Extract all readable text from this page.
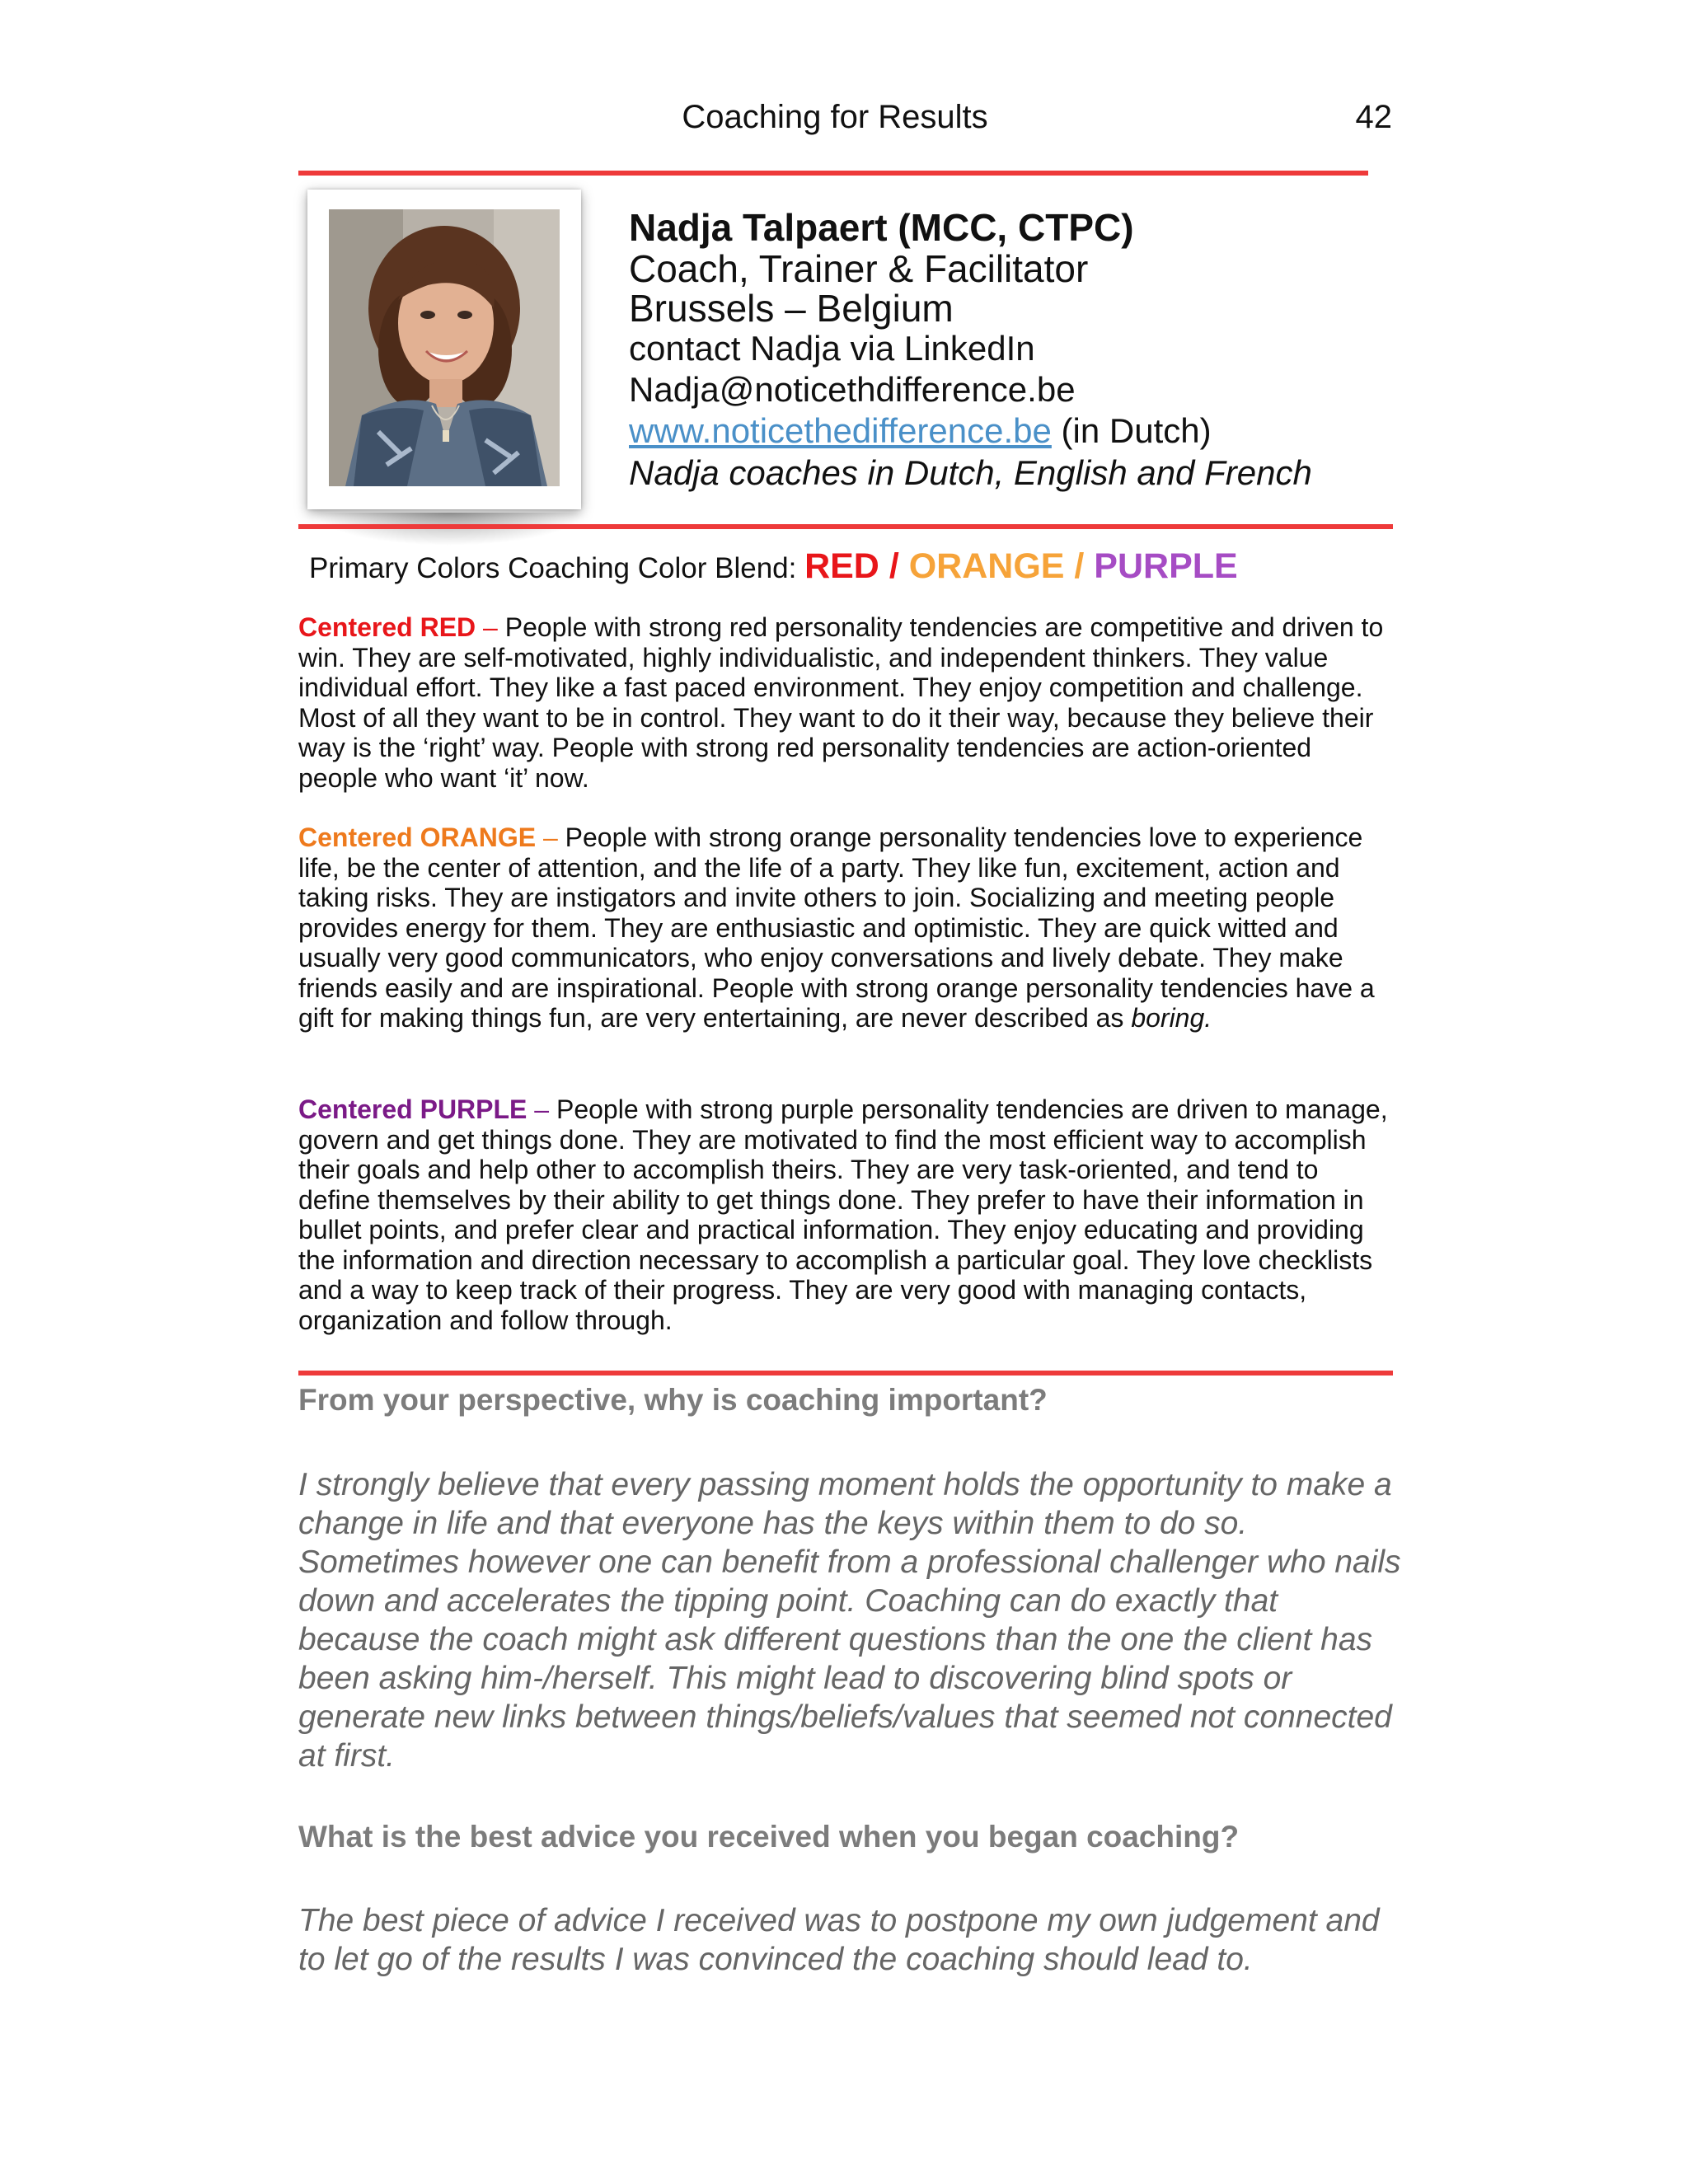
Coaching for Results	42
Nadja Talpaert (MCC, CTPC)
Coach, Trainer & Facilitator
Brussels – Belgium
contact Nadja via LinkedIn
Nadja@noticethdifference.be
www.noticethedifference.be (in Dutch)
Nadja coaches in Dutch, English and French
Primary Colors Coaching Color Blend: RED / ORANGE / PURPLE
Centered RED – People with strong red personality tendencies are competitive and driven to win. They are self-motivated, highly individualistic, and independent thinkers. They value individual effort. They like a fast paced environment. They enjoy competition and challenge. Most of all they want to be in control. They want to do it their way, because they believe their way is the ‘right’ way. People with strong red personality tendencies are action-oriented people who want ‘it’ now.
Centered ORANGE – People with strong orange personality tendencies love to experience life, be the center of attention, and the life of a party. They like fun, excitement, action and taking risks. They are instigators and invite others to join. Socializing and meeting people provides energy for them. They are enthusiastic and optimistic. They are quick witted and usually very good communicators, who enjoy conversations and lively debate. They make friends easily and are inspirational. People with strong orange personality tendencies have a gift for making things fun, are very entertaining, are never described as boring.
Centered PURPLE – People with strong purple personality tendencies are driven to manage, govern and get things done. They are motivated to find the most efficient way to accomplish their goals and help other to accomplish theirs. They are very task-oriented, and tend to define themselves by their ability to get things done. They prefer to have their information in bullet points, and prefer clear and practical information. They enjoy educating and providing the information and direction necessary to accomplish a particular goal. They love checklists and a way to keep track of their progress. They are very good with managing contacts, organization and follow through.
From your perspective, why is coaching important?
I strongly believe that every passing moment holds the opportunity to make a change in life and that everyone has the keys within them to do so. Sometimes however one can benefit from a professional challenger who nails down and accelerates the tipping point. Coaching can do exactly that because the coach might ask different questions than the one the client has been asking him-/herself. This might lead to discovering blind spots or generate new links between things/beliefs/values that seemed not connected at first.
What is the best advice you received when you began coaching?
The best piece of advice I received was to postpone my own judgement and to let go of the results I was convinced the coaching should lead to.
